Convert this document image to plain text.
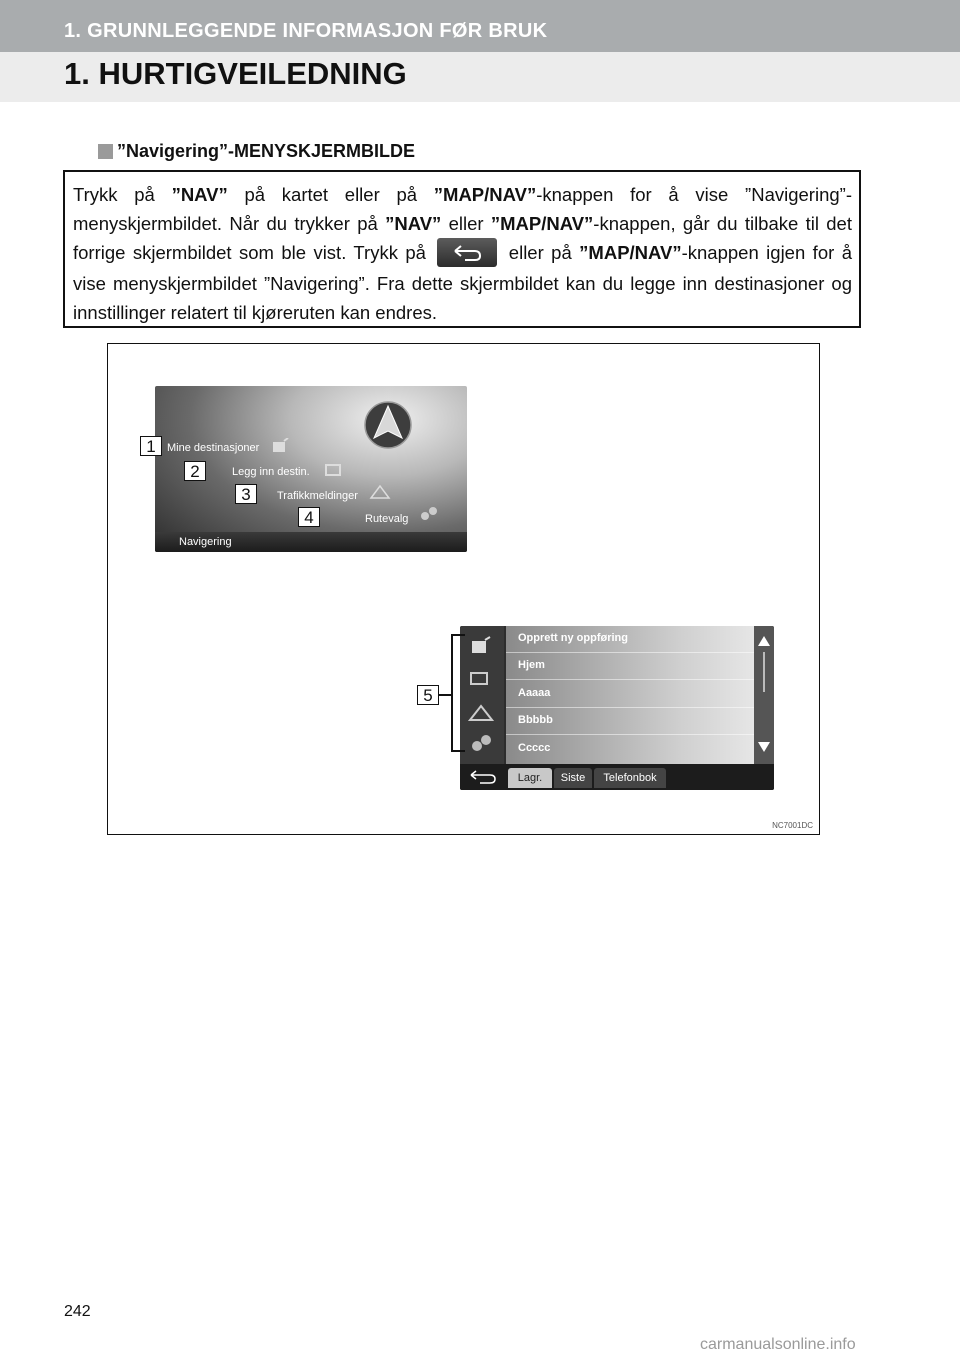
1. GRUNNLEGGENDE INFORMASJON FØR BRUK
1. HURTIGVEILEDNING
”Navigering”-MENYSKJERMBILDE
Trykk på ”NAV” på kartet eller på ”MAP/NAV”-knappen for å vise ”Navigering”-menyskjermbildet. Når du trykker på ”NAV” eller ”MAP/NAV”-knappen, går du tilbake til det forrige skjermbildet som ble vist. Trykk på	eller på ”MAP/NAV”-knappen igjen for å vise menyskjermbildet ”Navigering”. Fra dette skjermbildet kan du legge inn destinasjoner og innstillinger relatert til kjøreruten kan endres.
Mine destinasjoner
Legg inn destin.
Trafikkmeldinger
Rutevalg
Navigering
Opprett ny oppføring
Hjem
Aaaaa
Bbbbb
Ccccc
Lagr.	Siste	Telefonbok
1
2
3
4
5
NC7001DC
242
carmanualsonline.info
